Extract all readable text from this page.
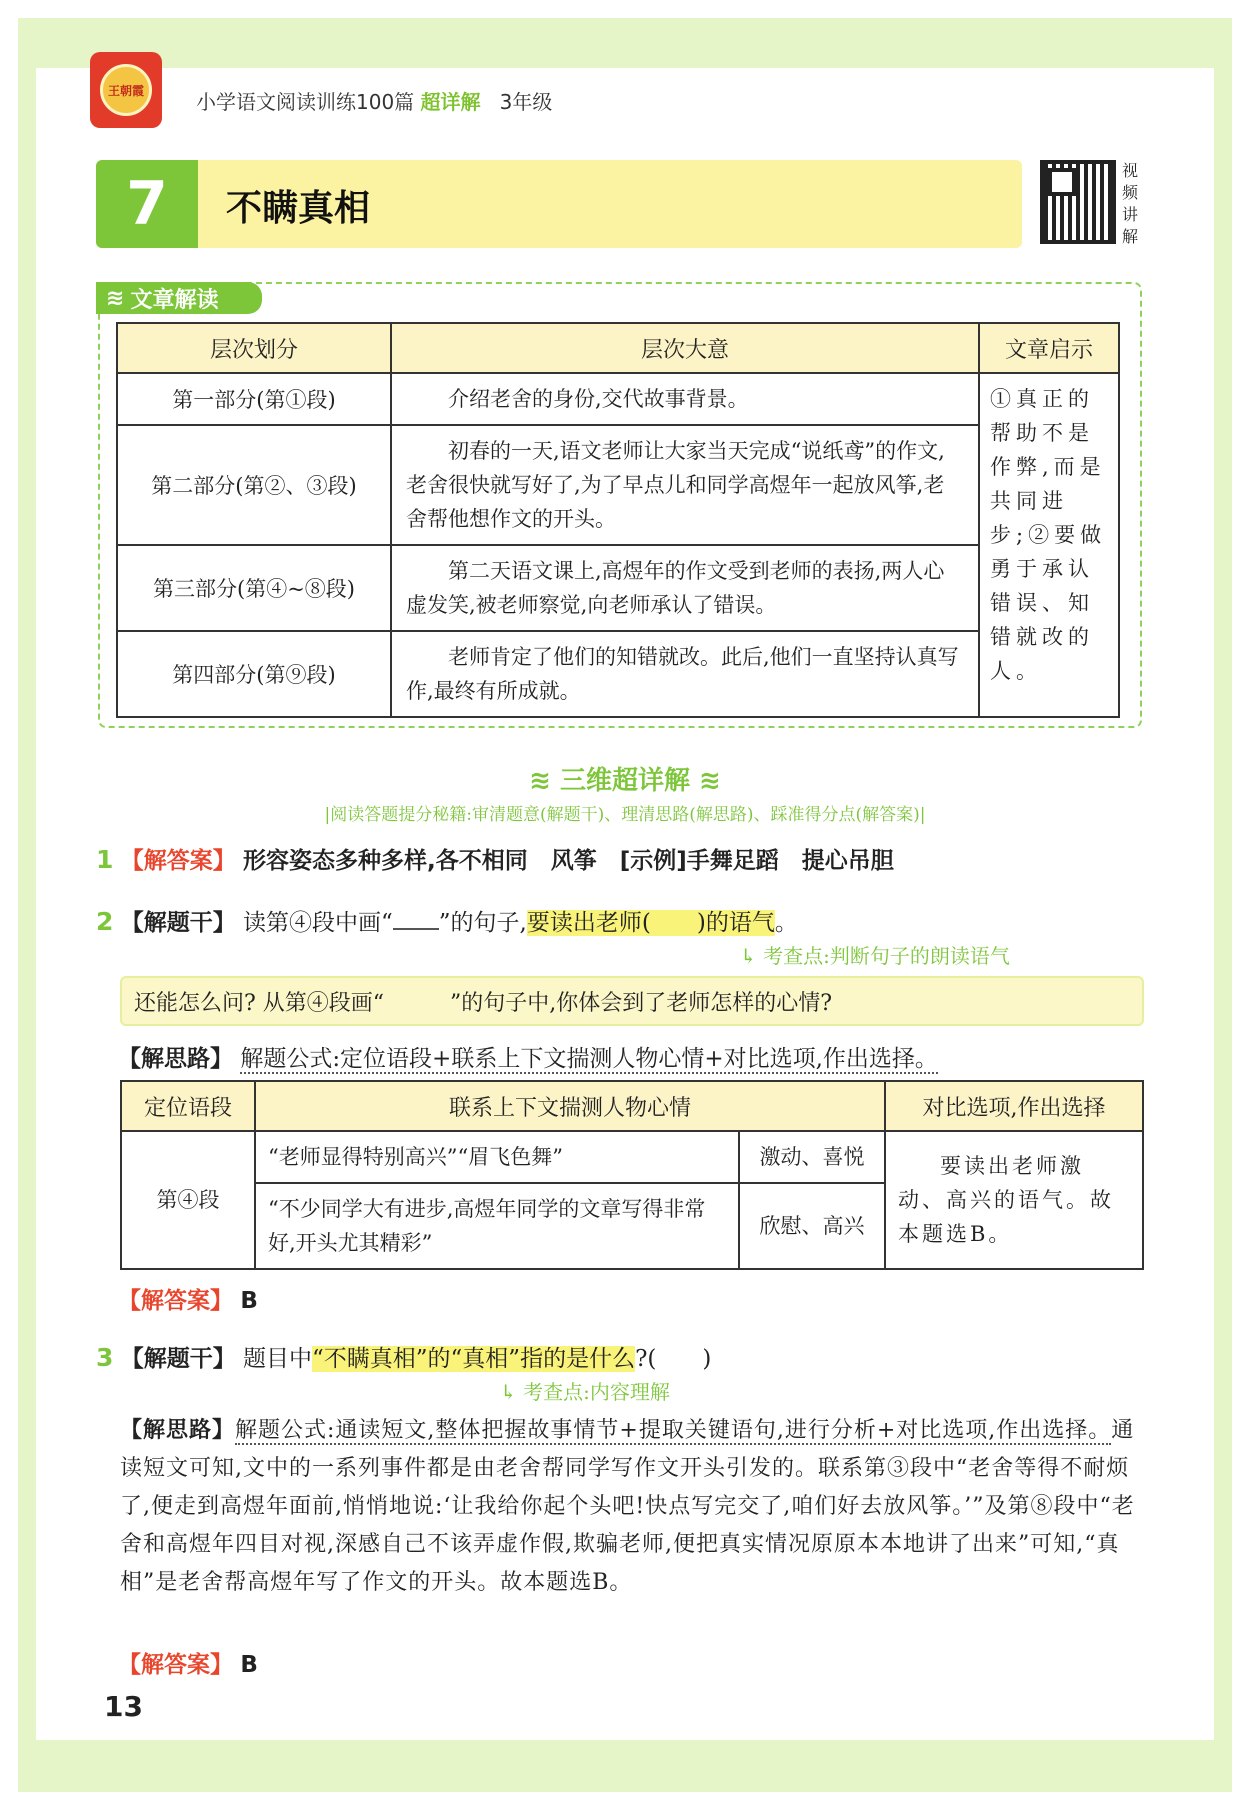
王朝霞	小学语文阅读训练100篇 超详解 3年级
7	不瞒真相
视频讲解
≋ 文章解读
层次划分	层次大意	文章启示
第一部分(第①段)	介绍老舍的身份,交代故事背景。	①真正的帮助不是作弊,而是共同进步;②要做勇于承认错误、知错就改的人。
第二部分(第②、③段)	初春的一天,语文老师让大家当天完成“说纸鸢”的作文,老舍很快就写好了,为了早点儿和同学高煜年一起放风筝,老舍帮他想作文的开头。	
第三部分(第④~⑧段)	第二天语文课上,高煜年的作文受到老师的表扬,两人心虚发笑,被老师察觉,向老师承认了错误。	
第四部分(第⑨段)	老师肯定了他们的知错就改。此后,他们一直坚持认真写作,最终有所成就。	
≋ 三维超详解 ≋
|阅读答题提分秘籍:审清题意(解题干)、理清思路(解思路)、踩准得分点(解答案)|
1 【解答案】 形容姿态多种多样,各不相同　风筝　[示例]手舞足蹈　提心吊胆
2 【解题干】 读第④段中画“ ”的句子,要读出老师(　　)的语气。
↳ 考查点:判断句子的朗读语气
还能怎么问? 从第④段画“　　　”的句子中,你体会到了老师怎样的心情?
【解思路】 解题公式:定位语段+联系上下文揣测人物心情+对比选项,作出选择。
定位语段	联系上下文揣测人物心情		对比选项,作出选择
第④段	“老师显得特别高兴”“眉飞色舞”	激动、喜悦	要读出老师激动、高兴的语气。故本题选B。
	“不少同学大有进步,高煜年同学的文章写得非常好,开头尤其精彩”	欣慰、高兴	
【解答案】 B
3 【解题干】 题目中“不瞒真相”的“真相”指的是什么?(　　)
↳ 考查点:内容理解
【解思路】解题公式:通读短文,整体把握故事情节+提取关键语句,进行分析+对比选项,作出选择。通读短文可知,文中的一系列事件都是由老舍帮同学写作文开头引发的。联系第③段中“老舍等得不耐烦了,便走到高煜年面前,悄悄地说:‘让我给你起个头吧!快点写完交了,咱们好去放风筝。’”及第⑧段中“老舍和高煜年四目对视,深感自己不该弄虚作假,欺骗老师,便把真实情况原原本本地讲了出来”可知,“真相”是老舍帮高煜年写了作文的开头。故本题选B。
【解答案】 B
13
